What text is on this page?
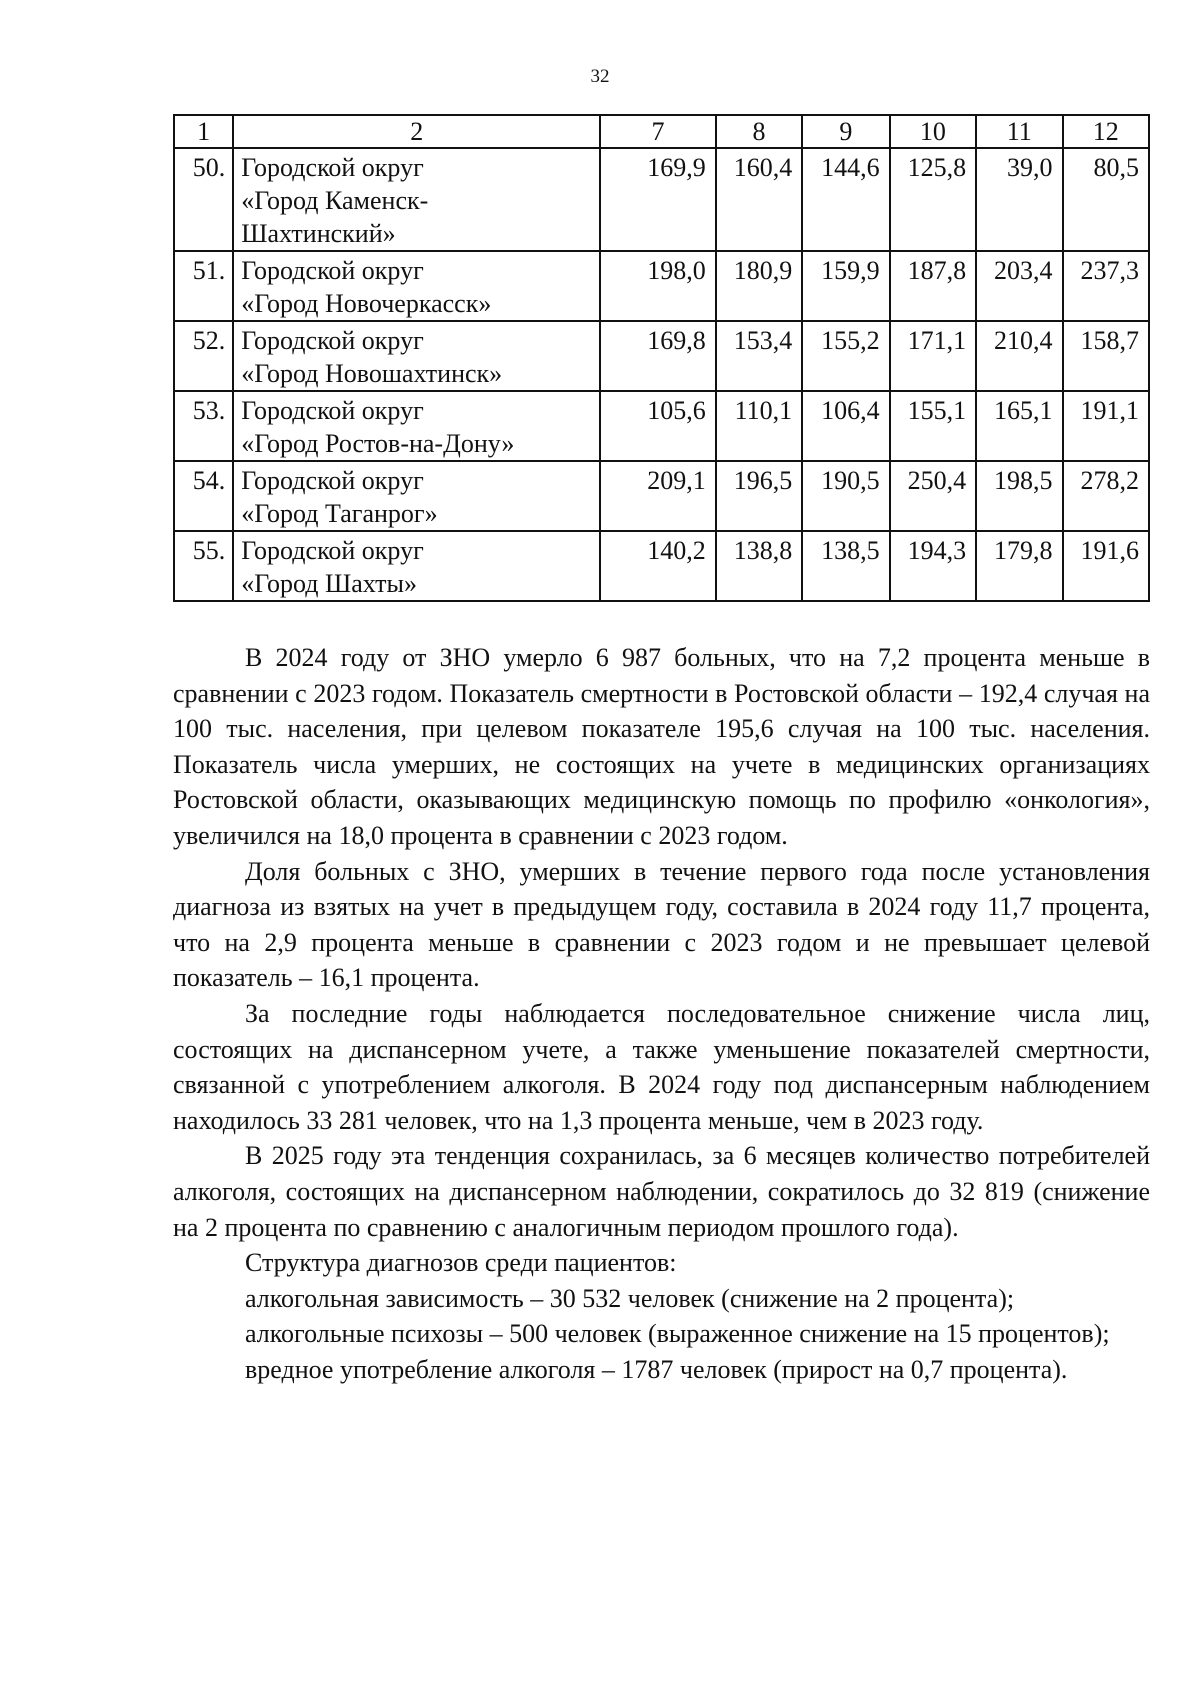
32
1	2	7	8	9	10	11	12
50.	Городской округ
«Город Каменск-
Шахтинский»	169,9	160,4	144,6	125,8	39,0	80,5
51.	Городской округ
«Город Новочеркасск»	198,0	180,9	159,9	187,8	203,4	237,3
52.	Городской округ
«Город Новошахтинск»	169,8	153,4	155,2	171,1	210,4	158,7
53.	Городской округ
«Город Ростов-на-Дону»	105,6	110,1	106,4	155,1	165,1	191,1
54.	Городской округ
«Город Таганрог»	209,1	196,5	190,5	250,4	198,5	278,2
55.	Городской округ
«Город Шахты»	140,2	138,8	138,5	194,3	179,8	191,6

В 2024 году от ЗНО умерло 6 987 больных, что на 7,2 процента меньше в сравнении с 2023 годом. Показатель смертности в Ростовской области – 192,4 случая на 100 тыс. населения, при целевом показателе 195,6 случая на 100 тыс. населения. Показатель числа умерших, не состоящих на учете в медицинских организациях Ростовской области, оказывающих медицинскую помощь по профилю «онкология», увеличился на 18,0 процента в сравнении с 2023 годом.

Доля больных с ЗНО, умерших в течение первого года после установления диагноза из взятых на учет в предыдущем году, составила в 2024 году 11,7 процента, что на 2,9 процента меньше в сравнении с 2023 годом и не превышает целевой показатель – 16,1 процента.

За последние годы наблюдается последовательное снижение числа лиц, состоящих на диспансерном учете, а также уменьшение показателей смертности, связанной с употреблением алкоголя. В 2024 году под диспансерным наблюдением находилось 33 281 человек, что на 1,3 процента меньше, чем в 2023 году.

В 2025 году эта тенденция сохранилась, за 6 месяцев количество потребителей алкоголя, состоящих на диспансерном наблюдении, сократилось до 32 819 (снижение на 2 процента по сравнению с аналогичным периодом прошлого года).

Структура диагнозов среди пациентов:

алкогольная зависимость – 30 532 человек (снижение на 2 процента);

алкогольные психозы – 500 человек (выраженное снижение на 15 процентов);

вредное употребление алкоголя – 1787 человек (прирост на 0,7 процента).
